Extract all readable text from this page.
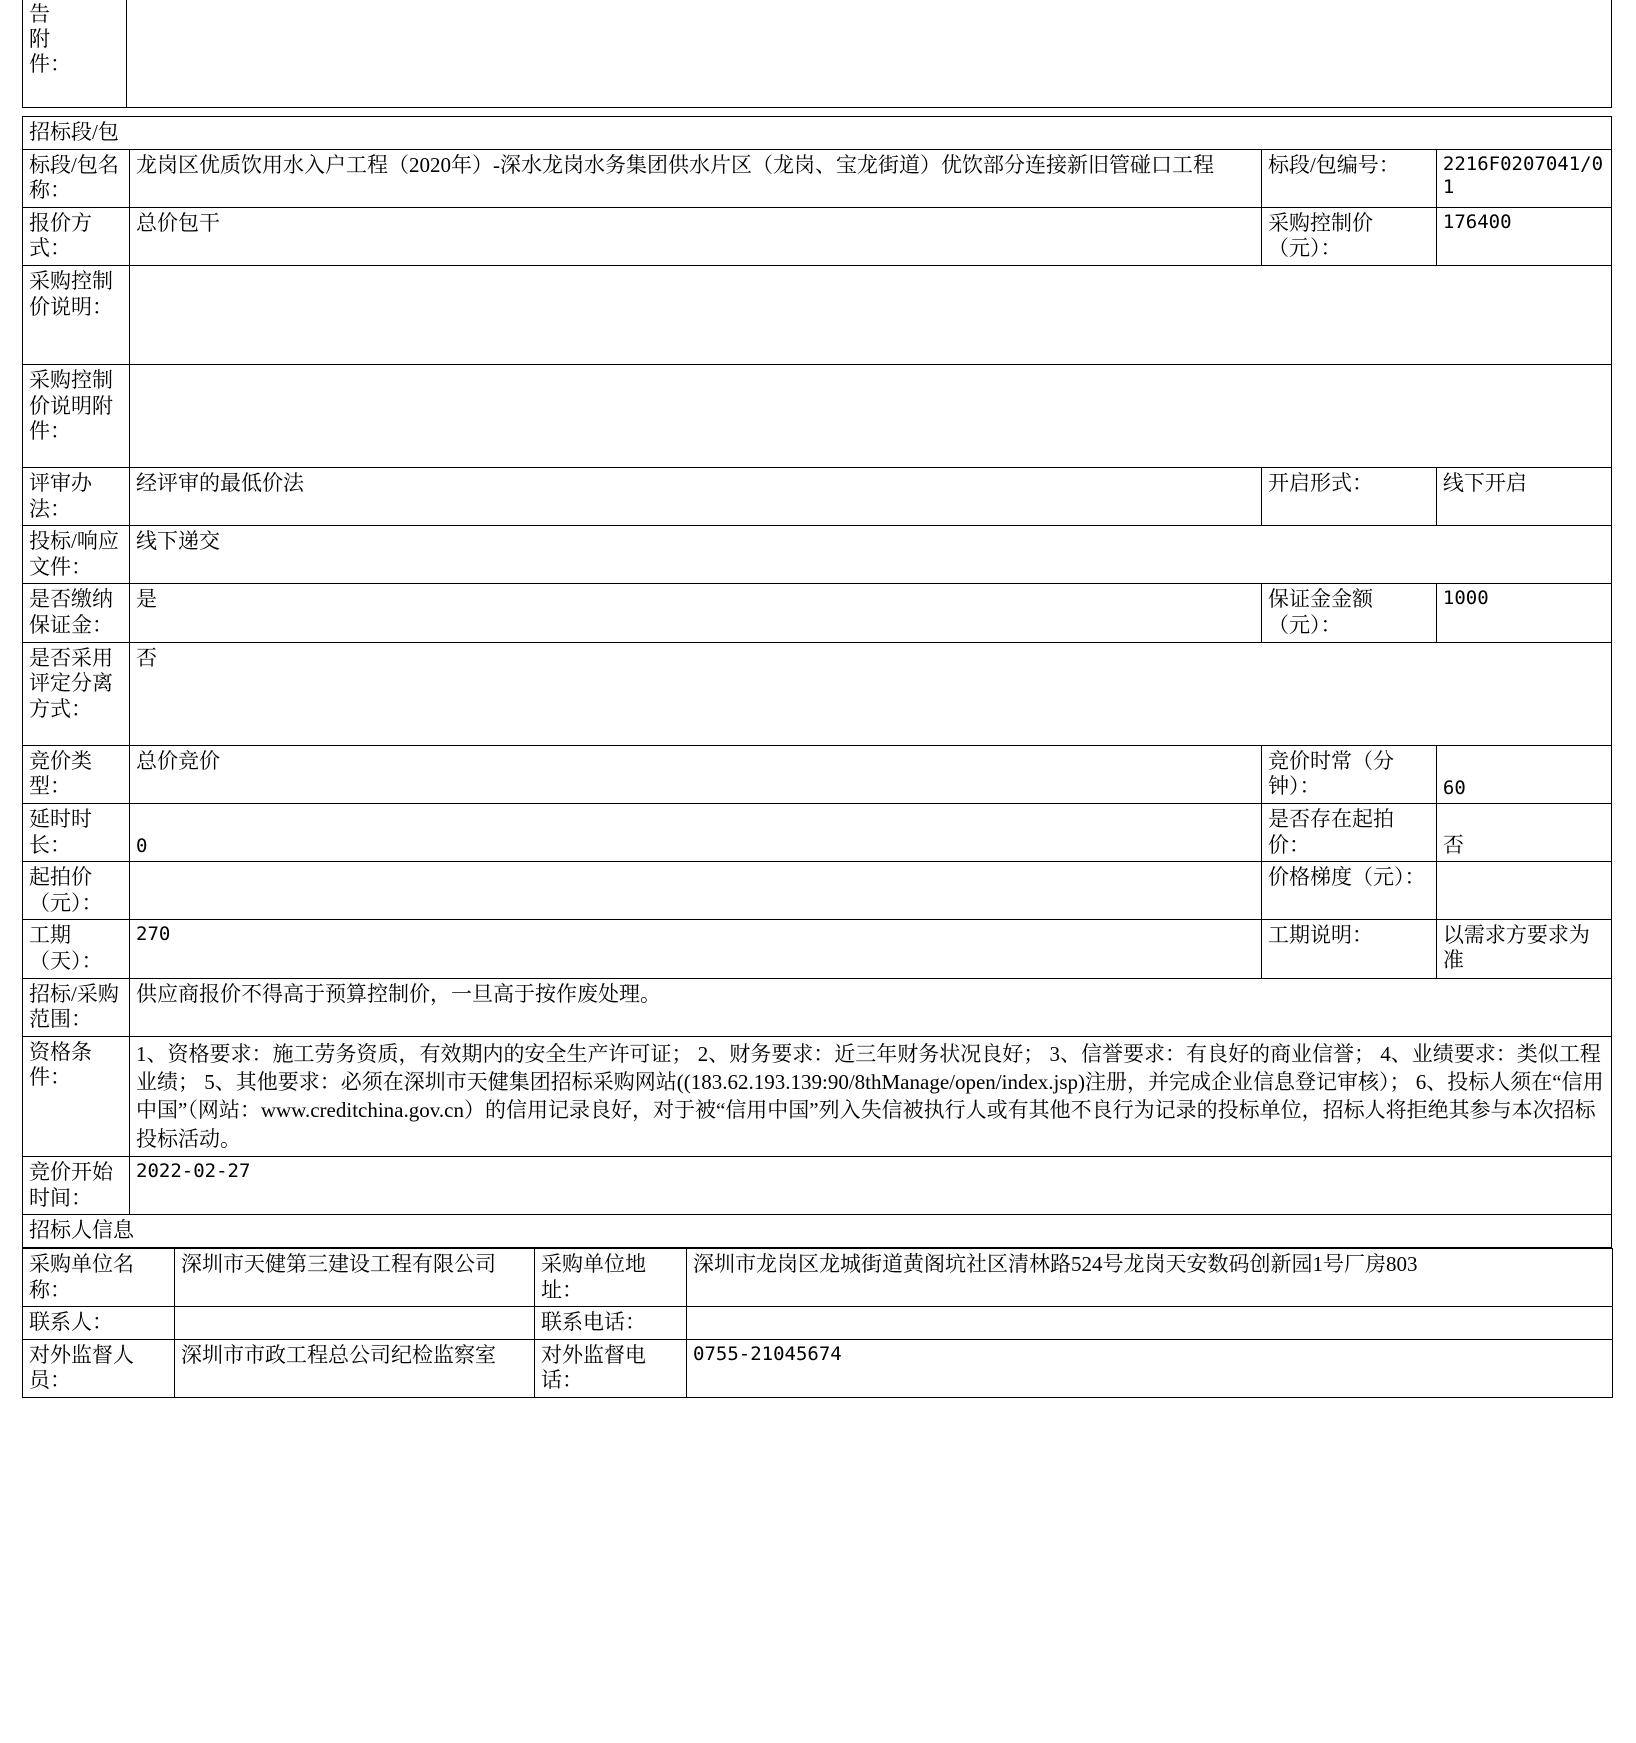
告
附
件：
招标段/包			
标段/包名称：	龙岗区优质饮用水入户工程（2020年）-深水龙岗水务集团供水片区（龙岗、宝龙街道）优饮部分连接新旧管碰口工程	标段/包编号：	2216F0207041/01
报价方式：	总价包干	采购控制价（元）：	176400
采购控制价说明：			
采购控制价说明附件：			
评审办法：	经评审的最低价法	开启形式：	线下开启
投标/响应文件：	线下递交		
是否缴纳保证金：	是	保证金金额（元）：	1000
是否采用评定分离方式：	否		
竞价类型：	总价竞价	竞价时常（分钟）：	60
延时时长：	0	是否存在起拍价：	否
起拍价（元）：		价格梯度（元）：	
工期（天）：	270	工期说明：	以需求方要求为准
招标/采购范围：	供应商报价不得高于预算控制价，一旦高于按作废处理。		
资格条件：	1、资格要求：施工劳务资质，有效期内的安全生产许可证； 2、财务要求：近三年财务状况良好； 3、信誉要求：有良好的商业信誉； 4、业绩要求：类似工程业绩； 5、其他要求：必须在深圳市天健集团招标采购网站((183.62.193.139:90/8thManage/open/index.jsp)注册，并完成企业信息登记审核）； 6、投标人须在“信用中国”（网站：www.creditchina.gov.cn）的信用记录良好，对于被“信用中国”列入失信被执行人或有其他不良行为记录的投标单位，招标人将拒绝其参与本次招标投标活动。		
竞价开始时间：	2022-02-27		
招标人信息			
采购单位名称：	深圳市天健第三建设工程有限公司	采购单位地址：	深圳市龙岗区龙城街道黄阁坑社区清林路524号龙岗天安数码创新园1号厂房803
联系人：		联系电话：	
对外监督人员：	深圳市市政工程总公司纪检监察室	对外监督电话：	0755-21045674
